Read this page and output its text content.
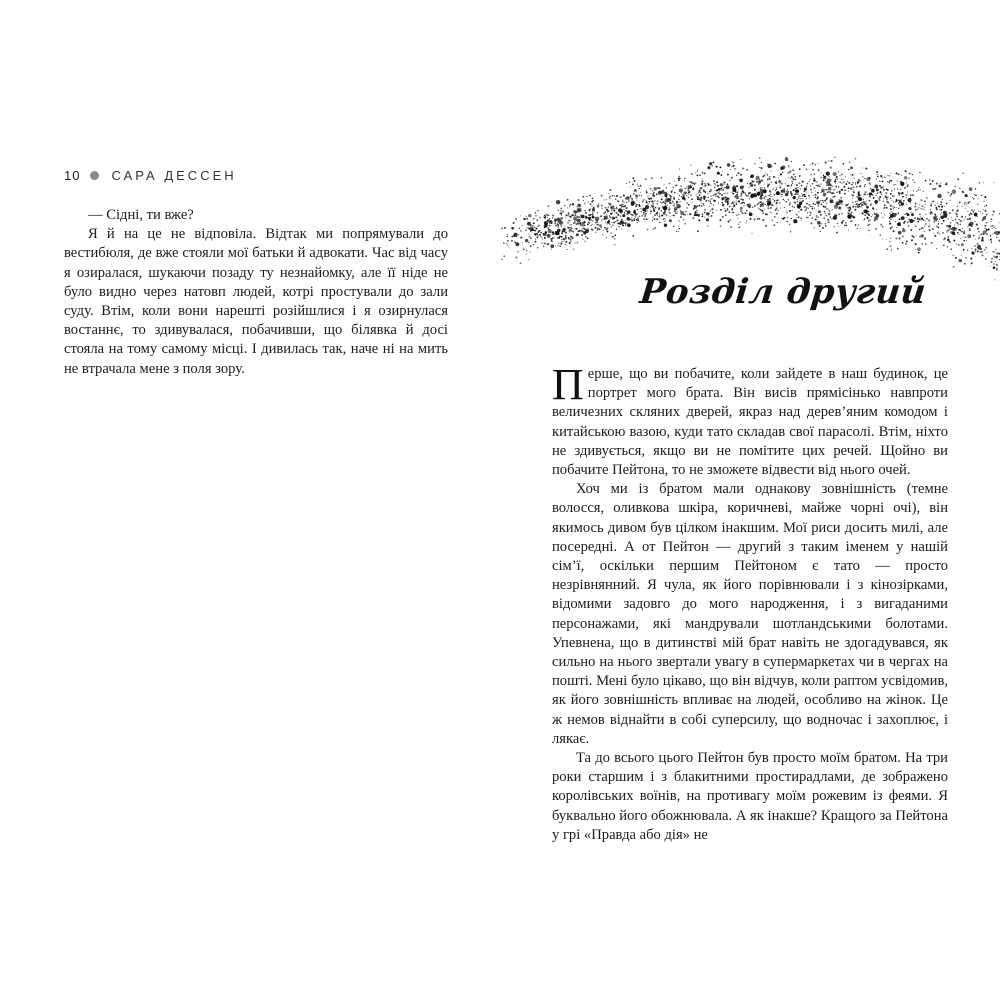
10 САРА ДЕССЕН

— Сідні, ти вже?

Я й на це не відповіла. Відтак ми попрямували до вестибюля, де вже стояли мої батьки й адвокати. Час від часу я озиралася, шукаючи позаду ту незнайомку, але її ніде не було видно через натовп людей, котрі простували до зали суду. Втім, коли вони нарешті розійшлися і я озирнулася востаннє, то здивувалася, побачивши, що білявка й досі стояла на тому самому місці. І дивилась так, наче ні на мить не втрачала мене з поля зору.

Розділ другий

Перше, що ви побачите, коли зайдете в наш будинок, це портрет мого брата. Він висів прямісінько навпроти величезних скляних дверей, якраз над дерев’яним комодом і китайською вазою, куди тато складав свої парасолі. Втім, ніхто не здивується, якщо ви не помітите цих речей. Щойно ви побачите Пейтона, то не зможете відвести від нього очей.

Хоч ми із братом мали однакову зовнішність (темне волосся, оливкова шкіра, коричневі, майже чорні очі), він якимось дивом був цілком інакшим. Мої риси досить милі, але посередні. А от Пейтон — другий з таким іменем у нашій сім’ї, оскільки першим Пейтоном є тато — просто незрівнянний. Я чула, як його порівнювали і з кінозірками, відомими задовго до мого народження, і з вигаданими персонажами, які мандрували шотландськими болотами. Упевнена, що в дитинстві мій брат навіть не здогадувався, як сильно на нього звертали увагу в супермаркетах чи в чергах на пошті. Мені було цікаво, що він відчув, коли раптом усвідомив, як його зовнішність впливає на людей, особливо на жінок. Це ж немов віднайти в собі суперсилу, що водночас і захоплює, і лякає.

Та до всього цього Пейтон був просто моїм братом. На три роки старшим і з блакитними простирадлами, де зображено королівських воїнів, на противагу моїм рожевим із феями. Я буквально його обожнювала. А як інакше? Кращого за Пейтона у грі «Правда або дія» не
